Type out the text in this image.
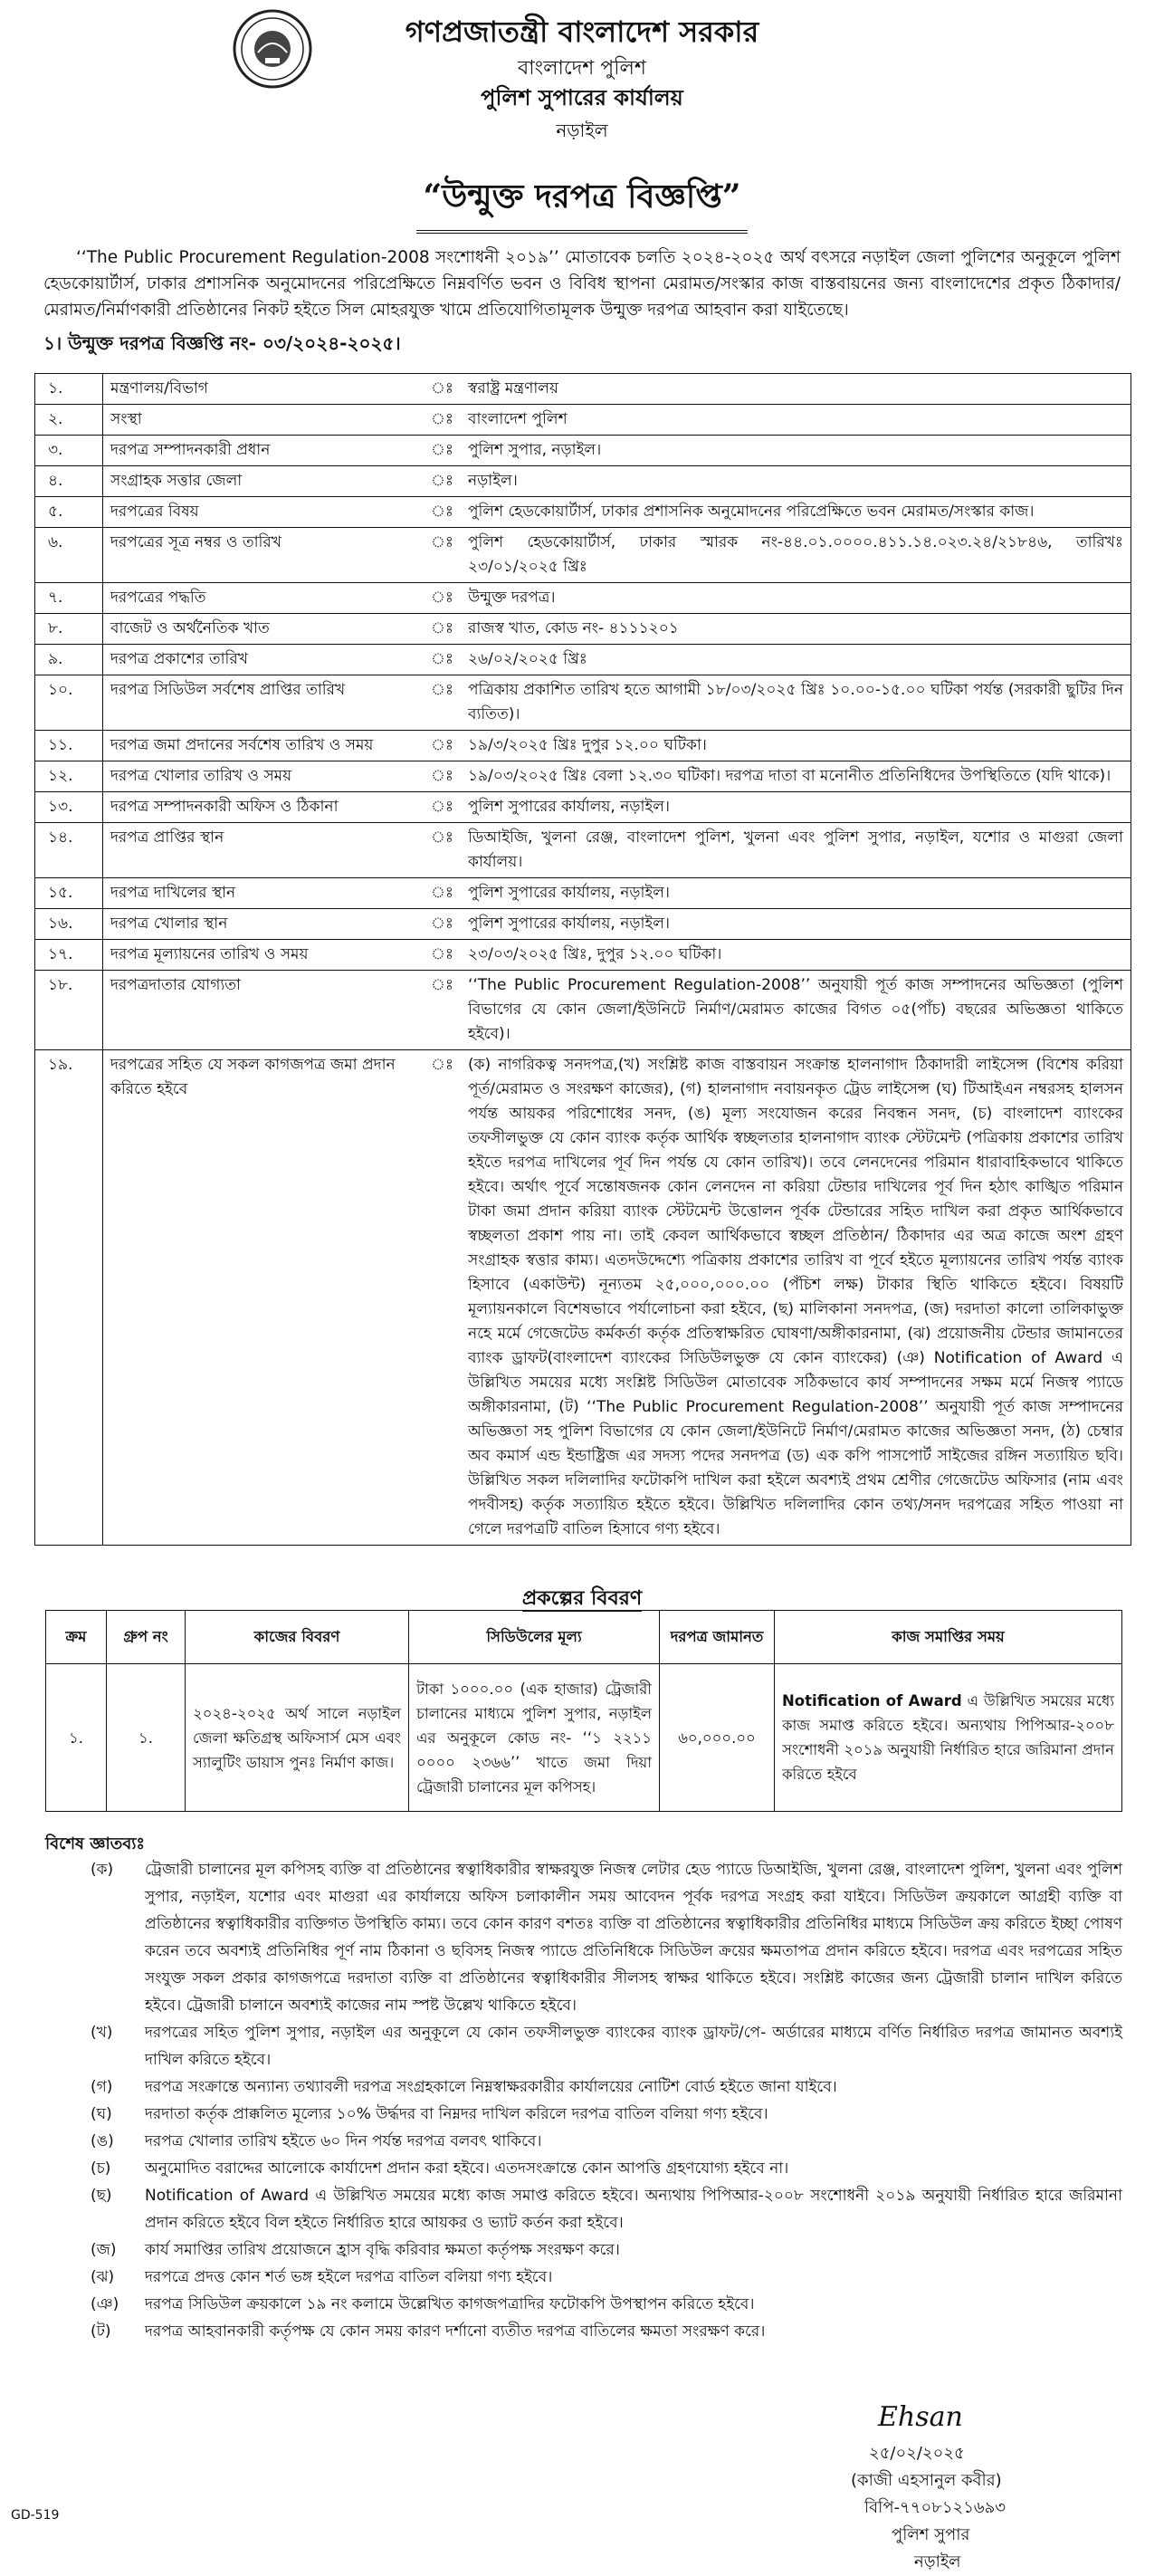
গণপ্রজাতন্ত্রী বাংলাদেশ সরকার
বাংলাদেশ পুলিশ
পুলিশ সুপারের কার্যালয়
নড়াইল
“উন্মুক্ত দরপত্র বিজ্ঞপ্তি”
‘‘The Public Procurement Regulation-2008 সংশোধনী ২০১৯’’ মোতাবেক চলতি ২০২৪-২০২৫ অর্থ বৎসরে নড়াইল জেলা পুলিশের অনুকূলে পুলিশ হেডকোয়ার্টার্স, ঢাকার প্রশাসনিক অনুমোদনের পরিপ্রেক্ষিতে নিম্নবর্ণিত ভবন ও বিবিধ স্থাপনা মেরামত/সংস্কার কাজ বাস্তবায়নের জন্য বাংলাদেশের প্রকৃত ঠিকাদার/মেরামত/নির্মাণকারী প্রতিষ্ঠানের নিকট হইতে সিল মোহরযুক্ত খামে প্রতিযোগিতামূলক উন্মুক্ত দরপত্র আহবান করা যাইতেছে।
১। উন্মুক্ত দরপত্র বিজ্ঞপ্তি নং- ০৩/২০২৪-২০২৫।
১.	মন্ত্রণালয়/বিভাগ	ঃ	স্বরাষ্ট্র মন্ত্রণালয়
২.	সংস্থা	ঃ	বাংলাদেশ পুলিশ
৩.	দরপত্র সম্পাদনকারী প্রধান	ঃ	পুলিশ সুপার, নড়াইল।
৪.	সংগ্রাহক সত্তার জেলা	ঃ	নড়াইল।
৫.	দরপত্রের বিষয়	ঃ	পুলিশ হেডকোয়ার্টার্স, ঢাকার প্রশাসনিক অনুমোদনের পরিপ্রেক্ষিতে ভবন মেরামত/সংস্কার কাজ।
৬.	দরপত্রের সূত্র নম্বর ও তারিখ	ঃ	পুলিশ হেডকোয়ার্টার্স, ঢাকার স্মারক নং-৪৪.০১.০০০০.৪১১.১৪.০২৩.২৪/২১৮৪৬, তারিখঃ ২৩/০১/২০২৫ খ্রিঃ
৭.	দরপত্রের পদ্ধতি	ঃ	উন্মুক্ত দরপত্র।
৮.	বাজেট ও অর্থনৈতিক খাত	ঃ	রাজস্ব খাত, কোড নং- ৪১১১২০১
৯.	দরপত্র প্রকাশের তারিখ	ঃ	২৬/০২/২০২৫ খ্রিঃ
১০.	দরপত্র সিডিউল সর্বশেষ প্রাপ্তির তারিখ	ঃ	পত্রিকায় প্রকাশিত তারিখ হতে আগামী ১৮/০৩/২০২৫ খ্রিঃ ১০.০০-১৫.০০ ঘটিকা পর্যন্ত (সরকারী ছুটির দিন ব্যতিত)।
১১.	দরপত্র জমা প্রদানের সর্বশেষ তারিখ ও সময়	ঃ	১৯/৩/২০২৫ খ্রিঃ দুপুর ১২.০০ ঘটিকা।
১২.	দরপত্র খোলার তারিখ ও সময়	ঃ	১৯/০৩/২০২৫ খ্রিঃ বেলা ১২.৩০ ঘটিকা। দরপত্র দাতা বা মনোনীত প্রতিনিধিদের উপস্থিতিতে (যদি থাকে)।
১৩.	দরপত্র সম্পাদনকারী অফিস ও ঠিকানা	ঃ	পুলিশ সুপারের কার্যালয়, নড়াইল।
১৪.	দরপত্র প্রাপ্তির স্থান	ঃ	ডিআইজি, খুলনা রেঞ্জ, বাংলাদেশ পুলিশ, খুলনা এবং পুলিশ সুপার, নড়াইল, যশোর ও মাগুরা জেলা কার্যালয়।
১৫.	দরপত্র দাখিলের স্থান	ঃ	পুলিশ সুপারের কার্যালয়, নড়াইল।
১৬.	দরপত্র খোলার স্থান	ঃ	পুলিশ সুপারের কার্যালয়, নড়াইল।
১৭.	দরপত্র মূল্যায়নের তারিখ ও সময়	ঃ	২৩/০৩/২০২৫ খ্রিঃ, দুপুর ১২.০০ ঘটিকা।
১৮.	দরপত্রদাতার যোগ্যতা	ঃ	‘‘The Public Procurement Regulation-2008’’ অনুযায়ী পূর্ত কাজ সম্পাদনের অভিজ্ঞতা (পুলিশ বিভাগের যে কোন জেলা/ইউনিটে নির্মাণ/মেরামত কাজের বিগত ০৫(পাঁচ) বছরের অভিজ্ঞতা থাকিতে হইবে)।
১৯.	দরপত্রের সহিত যে সকল কাগজপত্র জমা প্রদান করিতে হইবে	ঃ	(ক) নাগরিকত্ব সনদপত্র,(খ) সংশ্লিষ্ট কাজ বাস্তবায়ন সংক্রান্ত হালনাগাদ ঠিকাদারী লাইসেন্স (বিশেষ করিয়া পূর্ত/মেরামত ও সংরক্ষণ কাজের), (গ) হালনাগাদ নবায়নকৃত ট্রেড লাইসেন্স (ঘ) টিআইএন নম্বরসহ হালসন পর্যন্ত আয়কর পরিশোধের সনদ, (ঙ) মূল্য সংযোজন করের নিবন্ধন সনদ, (চ) বাংলাদেশ ব্যাংকের তফসীলভুক্ত যে কোন ব্যাংক কর্তৃক আর্থিক স্বচ্ছলতার হালনাগাদ ব্যাংক স্টেটমেন্ট (পত্রিকায় প্রকাশের তারিখ হইতে দরপত্র দাখিলের পূর্ব দিন পর্যন্ত যে কোন তারিখ)। তবে লেনদেনের পরিমান ধারাবাহিকভাবে থাকিতে হইবে। অর্থাৎ পূর্বে সন্তোষজনক কোন লেনদেন না করিয়া টেন্ডার দাখিলের পূর্ব দিন হঠাৎ কাঙ্খিত পরিমান টাকা জমা প্রদান করিয়া ব্যাংক স্টেটমেন্ট উত্তোলন পূর্বক টেন্ডারের সহিত দাখিল করা প্রকৃত আর্থিকভাবে স্বচ্ছলতা প্রকাশ পায় না। তাই কেবল আর্থিকভাবে স্বচ্ছল প্রতিষ্ঠান/ ঠিকাদার এর অত্র কাজে অংশ গ্রহণ সংগ্রাহক স্বত্তার কাম্য। এতদউদ্দেশ্যে পত্রিকায় প্রকাশের তারিখ বা পূর্বে হইতে মূল্যায়নের তারিখ পর্যন্ত ব্যাংক হিসাবে (একাউন্ট) নূন্যতম ২৫,০০০,০০০.০০ (পঁচিশ লক্ষ) টাকার স্থিতি থাকিতে হইবে। বিষয়টি মূল্যায়নকালে বিশেষভাবে পর্যালোচনা করা হইবে, (ছ) মালিকানা সনদপত্র, (জ) দরদাতা কালো তালিকাভুক্ত নহে মর্মে গেজেটেড কর্মকর্তা কর্তৃক প্রতিস্বাক্ষরিত ঘোষণা/অঙ্গীকারনামা, (ঝ) প্রয়োজনীয় টেন্ডার জামানতের ব্যাংক ড্রাফট(বাংলাদেশ ব্যাংকের সিডিউলভুক্ত যে কোন ব্যাংকের) (ঞ) Notification of Award এ উল্লিখিত সময়ের মধ্যে সংশ্লিষ্ট সিডিউল মোতাবেক সঠিকভাবে কার্য সম্পাদনের সক্ষম মর্মে নিজস্ব প্যাডে অঙ্গীকারনামা, (ট) ‘‘The Public Procurement Regulation-2008’’ অনুযায়ী পূর্ত কাজ সম্পাদনের অভিজ্ঞতা সহ পুলিশ বিভাগের যে কোন জেলা/ইউনিটে নির্মাণ/মেরামত কাজের অভিজ্ঞতা সনদ, (ঠ) চেম্বার অব কমার্স এন্ড ইন্ডাষ্ট্রিজ এর সদস্য পদের সনদপত্র (ড) এক কপি পাসপোর্ট সাইজের রঙ্গিন সত্যায়িত ছবি। উল্লিখিত সকল দলিলাদির ফটোকপি দাখিল করা হইলে অবশ্যই প্রথম শ্রেণীর গেজেটেড অফিসার (নাম এবং পদবীসহ) কর্তৃক সত্যায়িত হইতে হইবে। উল্লিখিত দলিলাদির কোন তথ্য/সনদ দরপত্রের সহিত পাওয়া না গেলে দরপত্রটি বাতিল হিসাবে গণ্য হইবে।
প্রকল্পের বিবরণ
ক্রম	গ্রুপ নং	কাজের বিবরণ	সিডিউলের মূল্য	দরপত্র জামানত	কাজ সমাপ্তির সময়
১.	১.	২০২৪-২০২৫ অর্থ সালে নড়াইল জেলা ক্ষতিগ্রস্থ অফিসার্স মেস এবং স্যালুটিং ডায়াস পুনঃ নির্মাণ কাজ।	টাকা ১০০০.০০ (এক হাজার) ট্রেজারী চালানের মাধ্যমে পুলিশ সুপার, নড়াইল এর অনুকূলে কোড নং- ‘‘১ ২২১১ ০০০০ ২৩৬৬’’ খাতে জমা দিয়া ট্রেজারী চালানের মূল কপিসহ।	৬০,০০০.০০	Notification of Award এ উল্লিখিত সময়ের মধ্যে কাজ সমাপ্ত করিতে হইবে। অন্যথায় পিপিআর-২০০৮ সংশোধনী ২০১৯ অনুযায়ী নির্ধারিত হারে জরিমানা প্রদান করিতে হইবে
বিশেষ জ্ঞাতব্যঃ
(ক)	ট্রেজারী চালানের মূল কপিসহ ব্যক্তি বা প্রতিষ্ঠানের স্বত্বাধিকারীর স্বাক্ষরযুক্ত নিজস্ব লেটার হেড প্যাডে ডিআইজি, খুলনা রেঞ্জ, বাংলাদেশ পুলিশ, খুলনা এবং পুলিশ সুপার, নড়াইল, যশোর এবং মাগুরা এর কার্যালয়ে অফিস চলাকালীন সময় আবেদন পূর্বক দরপত্র সংগ্রহ করা যাইবে। সিডিউল ক্রয়কালে আগ্রহী ব্যক্তি বা প্রতিষ্ঠানের স্বত্বাধিকারীর ব্যক্তিগত উপস্থিতি কাম্য। তবে কোন কারণ বশতঃ ব্যক্তি বা প্রতিষ্ঠানের স্বত্বাধিকারীর প্রতিনিধির মাধ্যমে সিডিউল ক্রয় করিতে ইচ্ছা পোষণ করেন তবে অবশ্যই প্রতিনিধির পূর্ণ নাম ঠিকানা ও ছবিসহ নিজস্ব প্যাডে প্রতিনিধিকে সিডিউল ক্রয়ের ক্ষমতাপত্র প্রদান করিতে হইবে। দরপত্র এবং দরপত্রের সহিত সংযুক্ত সকল প্রকার কাগজপত্রে দরদাতা ব্যক্তি বা প্রতিষ্ঠানের স্বত্বাধিকারীর সীলসহ স্বাক্ষর থাকিতে হইবে। সংশ্লিষ্ট কাজের জন্য ট্রেজারী চালান দাখিল করিতে হইবে। ট্রেজারী চালানে অবশ্যই কাজের নাম স্পষ্ট উল্লেখ থাকিতে হইবে।
(খ)	দরপত্রের সহিত পুলিশ সুপার, নড়াইল এর অনুকূলে যে কোন তফসীলভুক্ত ব্যাংকের ব্যাংক ড্রাফট/পে- অর্ডারের মাধ্যমে বর্ণিত নির্ধারিত দরপত্র জামানত অবশ্যই দাখিল করিতে হইবে।
(গ)	দরপত্র সংক্রান্তে অন্যান্য তথ্যাবলী দরপত্র সংগ্রহকালে নিম্নস্বাক্ষরকারীর কার্যালয়ের নোটিশ বোর্ড হইতে জানা যাইবে।
(ঘ)	দরদাতা কর্তৃক প্রাক্কলিত মূল্যের ১০% উর্দ্ধদর বা নিম্নদর দাখিল করিলে দরপত্র বাতিল বলিয়া গণ্য হইবে।
(ঙ)	দরপত্র খোলার তারিখ হইতে ৬০ দিন পর্যন্ত দরপত্র বলবৎ থাকিবে।
(চ)	অনুমোদিত বরাদ্দের আলোকে কার্যাদেশ প্রদান করা হইবে। এতদসংক্রান্তে কোন আপত্তি গ্রহণযোগ্য হইবে না।
(ছ)	Notification of Award এ উল্লিখিত সময়ের মধ্যে কাজ সমাপ্ত করিতে হইবে। অন্যথায় পিপিআর-২০০৮ সংশোধনী ২০১৯ অনুযায়ী নির্ধারিত হারে জরিমানা প্রদান করিতে হইবে বিল হইতে নির্ধারিত হারে আয়কর ও ভ্যাট কর্তন করা হইবে।
(জ)	কার্য সমাপ্তির তারিখ প্রয়োজনে হ্রাস বৃদ্ধি করিবার ক্ষমতা কর্তৃপক্ষ সংরক্ষণ করে।
(ঝ)	দরপত্রে প্রদত্ত কোন শর্ত ভঙ্গ হইলে দরপত্র বাতিল বলিয়া গণ্য হইবে।
(ঞ)	দরপত্র সিডিউল ক্রয়কালে ১৯ নং কলামে উল্লেখিত কাগজপত্রাদির ফটোকপি উপস্থাপন করিতে হইবে।
(ট)	দরপত্র আহবানকারী কর্তৃপক্ষ যে কোন সময় কারণ দর্শানো ব্যতীত দরপত্র বাতিলের ক্ষমতা সংরক্ষণ করে।
Ehsan
২৫/০২/২০২৫
(কাজী এহসানুল কবীর)
বিপি-৭৭০৮১২১৬৯৩
পুলিশ সুপার
নড়াইল
GD-519
